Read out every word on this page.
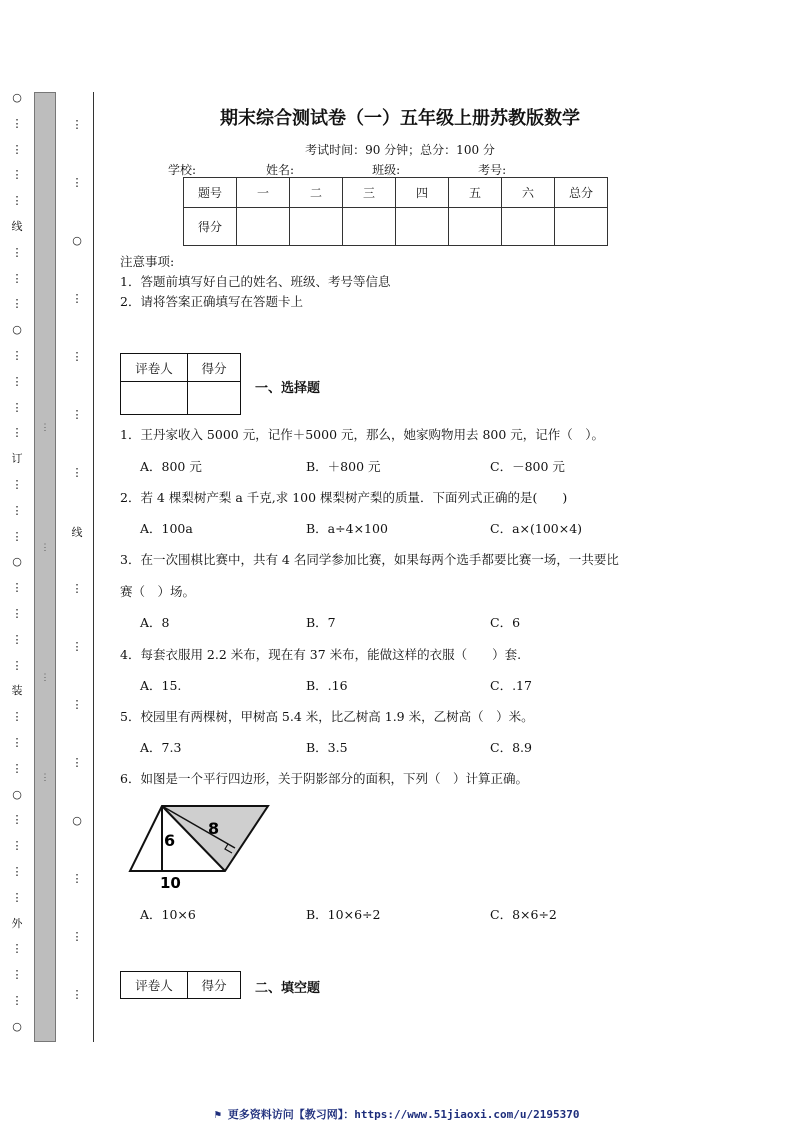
○
⋮
⋮
⋮
⋮
线
⋮
⋮
⋮
○
⋮
⋮
⋮
⋮
订
⋮
⋮
⋮
○
⋮
⋮
⋮
⋮
装
⋮
⋮
⋮
○
⋮
⋮
⋮
⋮
外
⋮
⋮
⋮
○
⋮
⋮
⋮
⋮
⋮
⋮
○
⋮
⋮
⋮
⋮
线
⋮
⋮
⋮
⋮
○
⋮
⋮
⋮
期末综合测试卷（一）五年级上册苏教版数学
考试时间：90 分钟；总分：100 分
学校:	姓名:	班级:	考号:
题号	一	二	三	四	五	六	总分
得分							
注意事项:
1．答题前填写好自己的姓名、班级、考号等信息
2．请将答案正确填写在答题卡上
评卷人	得分

一、选择题
1．王丹家收入 5000 元，记作＋5000 元，那么，她家购物用去 800 元，记作（　）。
A．800 元	B．＋800 元	C．－800 元
2．若 4 棵梨树产梨 a 千克,求 100 棵梨树产梨的质量．下面列式正确的是(　　)
A．100a	B．a÷4×100	C．a×(100×4)
3．在一次围棋比赛中，共有 4 名同学参加比赛，如果每两个选手都要比赛一场，一共要比
赛（　）场。
A．8	B．7	C．6
4．每套衣服用 2.2 米布，现在有 37 米布，能做这样的衣服（　　）套.
A．15.	B．.16	C．.17
5．校园里有两棵树，甲树高 5.4 米，比乙树高 1.9 米，乙树高（　）米。
A．7.3	B．3.5	C．8.9
6．如图是一个平行四边形，关于阴影部分的面积，下列（　）计算正确。
6
8
10
A．10×6	B．10×6÷2	C．8×6÷2
评卷人	得分 二、填空题
⚑ 更多资料访问【教习网】：https://www.51jiaoxi.com/u/2195370
